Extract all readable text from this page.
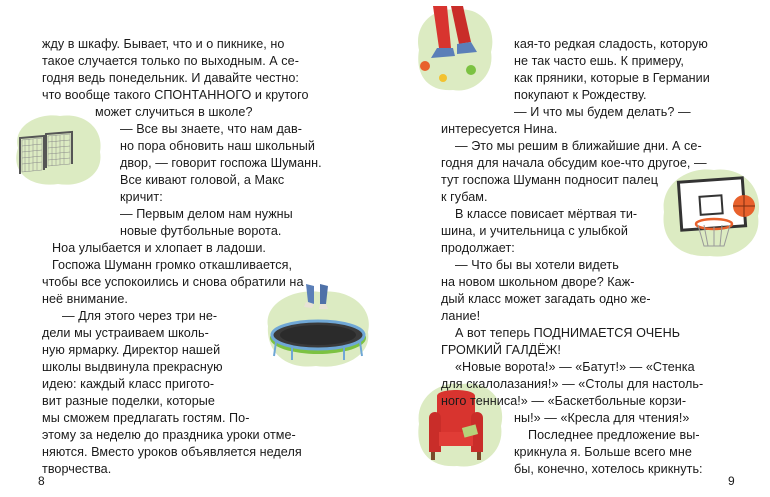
жду в шкафу. Бывает, что и о пикнике, но
такое случается только по выходным. А се-
годня ведь понедельник. И давайте честно:
что вообще такого СПОНТАННОГО и крутого
может случиться в школе?
— Все вы знаете, что нам дав-
но пора обновить наш школьный
двор, — говорит госпожа Шуманн.
Все кивают головой, а Макс
кричит:
— Первым делом нам нужны
новые футбольные ворота.
Ноа улыбается и хлопает в ладоши.
Госпожа Шуманн громко откашливается,
чтобы все успокоились и снова обратили на
неё внимание.
— Для этого через три не-
дели мы устраиваем школь-
ную ярмарку. Директор нашей
школы выдвинула прекрасную
идею: каждый класс пригото-
вит разные поделки, которые
мы сможем предлагать гостям. По-
этому за неделю до праздника уроки отме-
няются. Вместо уроков объявляется неделя
творчества.
8
кая-то редкая сладость, которую
не так часто ешь. К примеру,
как пряники, которые в Германии
покупают к Рождеству.
— И что мы будем делать? —
интересуется Нина.
— Это мы решим в ближайшие дни. А се-
годня для начала обсудим кое-что другое, —
тут госпожа Шуманн подносит палец
к губам.
В классе повисает мёртвая ти-
шина, и учительница с улыбкой
продолжает:
— Что бы вы хотели видеть
на новом школьном дворе? Каж-
дый класс может загадать одно же-
лание!
А вот теперь ПОДНИМАЕТСЯ ОЧЕНЬ
ГРОМКИЙ ГАЛДЁЖ!
«Новые ворота!» — «Батут!» — «Стенка
для скалолазания!» — «Столы для настоль-
ного тенниса!» — «Баскетбольные корзи-
ны!» — «Кресла для чтения!»
Последнее предложение вы-
крикнула я. Больше всего мне
бы, конечно, хотелось крикнуть:
9
